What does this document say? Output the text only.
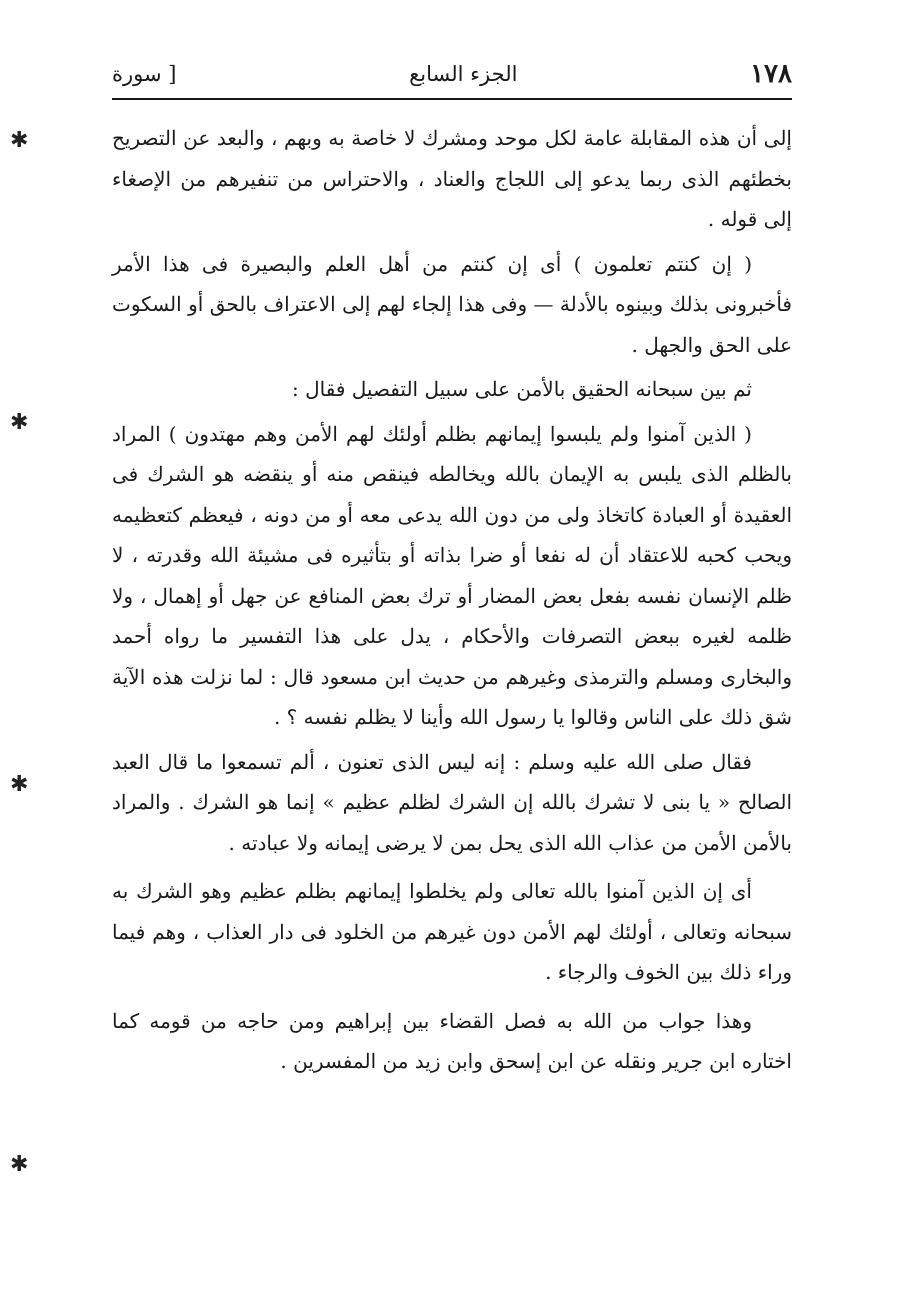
١٧٨
الجزء السابع
[ سورة
✱
✱
✱
✱

إلى أن هذه المقابلة عامة لكل موحد ومشرك لا خاصة به وبهم ، والبعد عن التصريح بخطئهم الذى ربما يدعو إلى اللجاج والعناد ، والاحتراس من تنفيرهم من الإصغاء إلى قوله .

( إن كنتم تعلمون ) أى إن كنتم من أهل العلم والبصيرة فى هذا الأمر فأخبرونى بذلك وبينوه بالأدلة — وفى هذا إلجاء لهم إلى الاعتراف بالحق أو السكوت على الحق والجهل .

ثم بين سبحانه الحقيق بالأمن على سبيل التفصيل فقال :

( الذين آمنوا ولم يلبسوا إيمانهم بظلم أولئك لهم الأمن وهم مهتدون ) المراد بالظلم الذى يلبس به الإيمان بالله ويخالطه فينقص منه أو ينقضه هو الشرك فى العقيدة أو العبادة كاتخاذ ولى من دون الله يدعى معه أو من دونه ، فيعظم كتعظيمه ويحب كحبه للاعتقاد أن له نفعا أو ضرا بذاته أو بتأثيره فى مشيئة الله وقدرته ، لا ظلم الإنسان نفسه بفعل بعض المضار أو ترك بعض المنافع عن جهل أو إهمال ، ولا ظلمه لغيره ببعض التصرفات والأحكام ، يدل على هذا التفسير ما رواه أحمد والبخارى ومسلم والترمذى وغيرهم من حديث ابن مسعود قال : لما نزلت هذه الآية شق ذلك على الناس وقالوا يا رسول الله وأينا لا يظلم نفسه ؟ .

فقال صلى الله عليه وسلم : إنه ليس الذى تعنون ، ألم تسمعوا ما قال العبد الصالح « يا بنى لا تشرك بالله إن الشرك لظلم عظيم » إنما هو الشرك . والمراد بالأمن الأمن من عذاب الله الذى يحل بمن لا يرضى إيمانه ولا عبادته .

أى إن الذين آمنوا بالله تعالى ولم يخلطوا إيمانهم بظلم عظيم وهو الشرك به سبحانه وتعالى ، أولئك لهم الأمن دون غيرهم من الخلود فى دار العذاب ، وهم فيما وراء ذلك بين الخوف والرجاء .

وهذا جواب من الله به فصل القضاء بين إبراهيم ومن حاجه من قومه كما اختاره ابن جرير ونقله عن ابن إسحق وابن زيد من المفسرين .
